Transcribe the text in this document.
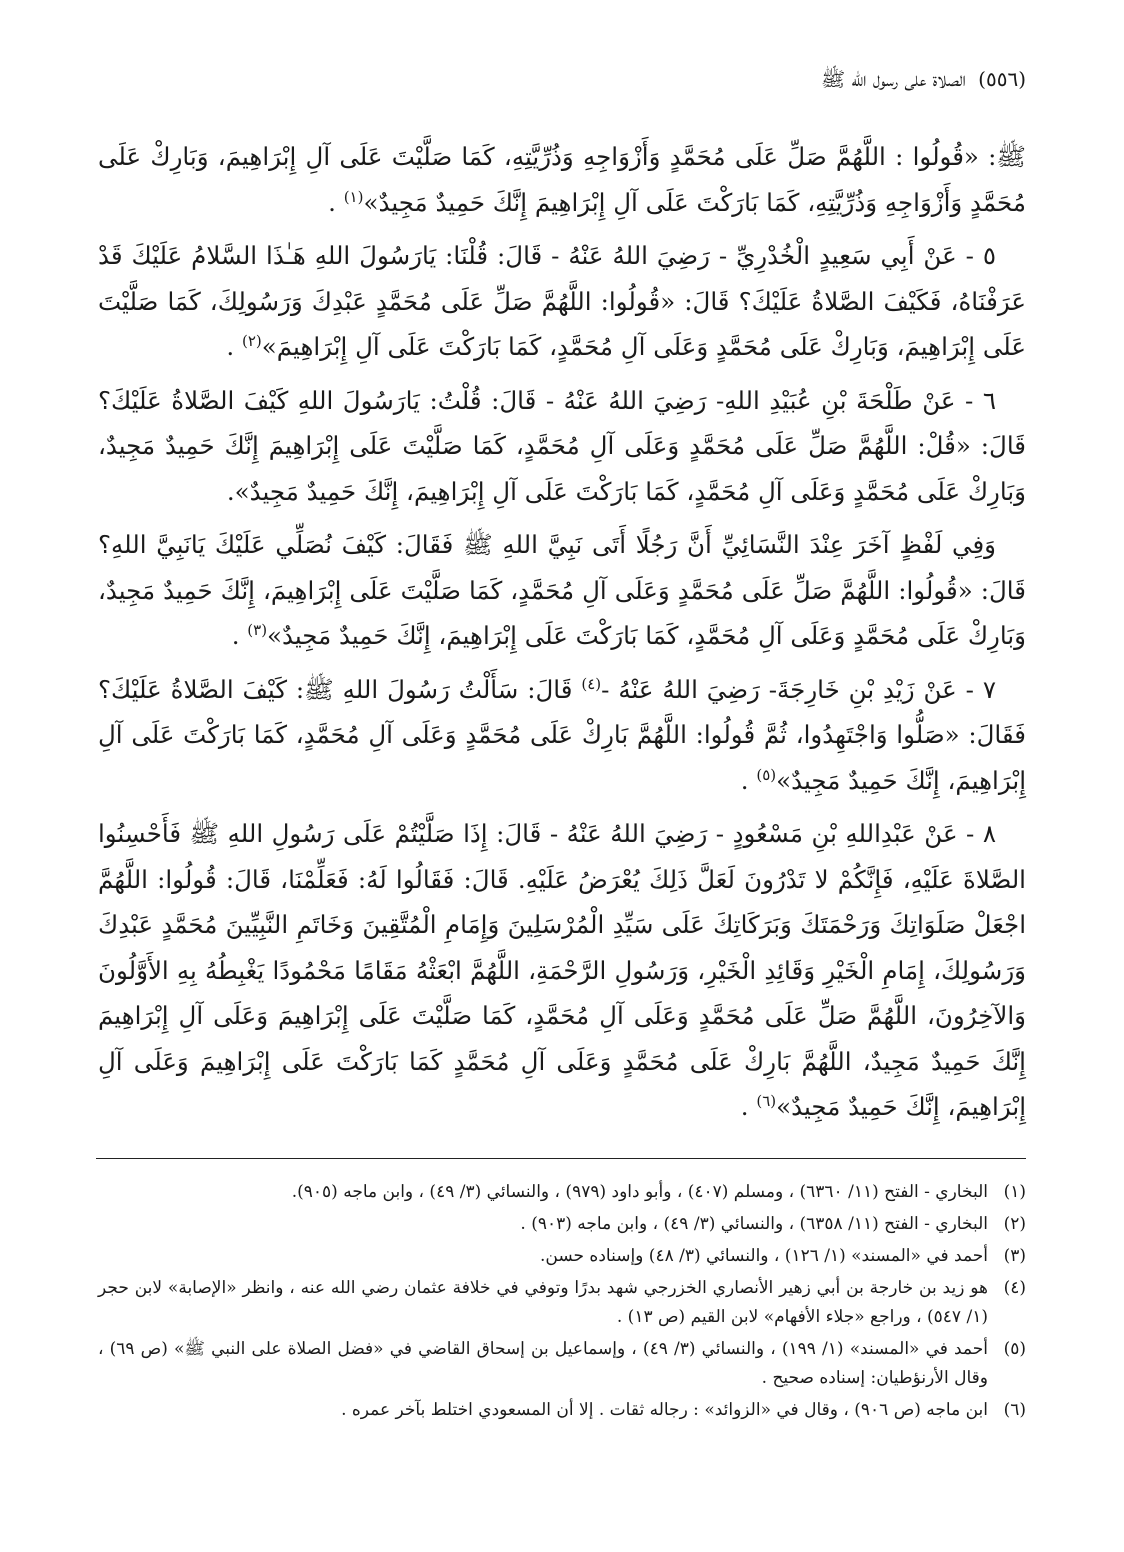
(٥٥٦) الصلاة على رسول الله ﷺ

ﷺ: «قُولُوا : اللَّهُمَّ صَلِّ عَلَى مُحَمَّدٍ وَأَزْوَاجِهِ وَذُرِّيَّتِهِ، كَمَا صَلَّيْتَ عَلَى آلِ إِبْرَاهِيمَ، وَبَارِكْ عَلَى مُحَمَّدٍ وَأَزْوَاجِهِ وَذُرِّيَّتِهِ، كَمَا بَارَكْتَ عَلَى آلِ إِبْرَاهِيمَ إِنَّكَ حَمِيدٌ مَجِيدٌ»$^{(١)}$ .

٥ - عَنْ أَبِي سَعِيدٍ الْخُدْرِيِّ - رَضِيَ اللهُ عَنْهُ - قَالَ: قُلْنَا: يَارَسُولَ اللهِ هَـٰذَا السَّلامُ عَلَيْكَ قَدْ عَرَفْنَاهُ، فَكَيْفَ الصَّلاةُ عَلَيْكَ؟ قَالَ: «قُولُوا: اللَّهُمَّ صَلِّ عَلَى مُحَمَّدٍ عَبْدِكَ وَرَسُولِكَ، كَمَا صَلَّيْتَ عَلَى إِبْرَاهِيمَ، وَبَارِكْ عَلَى مُحَمَّدٍ وَعَلَى آلِ مُحَمَّدٍ، كَمَا بَارَكْتَ عَلَى آلِ إِبْرَاهِيمَ»$^{(٢)}$ .

٦ - عَنْ طَلْحَةَ بْنِ عُبَيْدِ اللهِ- رَضِيَ اللهُ عَنْهُ - قَالَ: قُلْتُ: يَارَسُولَ اللهِ كَيْفَ الصَّلاةُ عَلَيْكَ؟ قَالَ: «قُلْ: اللَّهُمَّ صَلِّ عَلَى مُحَمَّدٍ وَعَلَى آلِ مُحَمَّدٍ، كَمَا صَلَّيْتَ عَلَى إِبْرَاهِيمَ إِنَّكَ حَمِيدٌ مَجِيدٌ، وَبَارِكْ عَلَى مُحَمَّدٍ وَعَلَى آلِ مُحَمَّدٍ، كَمَا بَارَكْتَ عَلَى آلِ إِبْرَاهِيمَ، إِنَّكَ حَمِيدٌ مَجِيدٌ».

وَفِي لَفْظٍ آخَرَ عِنْدَ النَّسَائِيِّ أَنَّ رَجُلًا أَتَى نَبِيَّ اللهِ ﷺ فَقَالَ: كَيْفَ نُصَلِّي عَلَيْكَ يَانَبِيَّ اللهِ؟ قَالَ: «قُولُوا: اللَّهُمَّ صَلِّ عَلَى مُحَمَّدٍ وَعَلَى آلِ مُحَمَّدٍ، كَمَا صَلَّيْتَ عَلَى إِبْرَاهِيمَ، إِنَّكَ حَمِيدٌ مَجِيدٌ، وَبَارِكْ عَلَى مُحَمَّدٍ وَعَلَى آلِ مُحَمَّدٍ، كَمَا بَارَكْتَ عَلَى إِبْرَاهِيمَ، إِنَّكَ حَمِيدٌ مَجِيدٌ»$^{(٣)}$ .

٧ - عَنْ زَيْدِ بْنِ خَارِجَةَ- رَضِيَ اللهُ عَنْهُ -$^{(٤)}$ قَالَ: سَأَلْتُ رَسُولَ اللهِ ﷺ: كَيْفَ الصَّلاةُ عَلَيْكَ؟ فَقَالَ: «صَلُّوا وَاجْتَهِدُوا، ثُمَّ قُولُوا: اللَّهُمَّ بَارِكْ عَلَى مُحَمَّدٍ وَعَلَى آلِ مُحَمَّدٍ، كَمَا بَارَكْتَ عَلَى آلِ إِبْرَاهِيمَ، إِنَّكَ حَمِيدٌ مَجِيدٌ»$^{(٥)}$ .

٨ - عَنْ عَبْدِاللهِ بْنِ مَسْعُودٍ - رَضِيَ اللهُ عَنْهُ - قَالَ: إِذَا صَلَّيْتُمْ عَلَى رَسُولِ اللهِ ﷺ فَأَحْسِنُوا الصَّلاةَ عَلَيْهِ، فَإِنَّكُمْ لا تَدْرُونَ لَعَلَّ ذَلِكَ يُعْرَضُ عَلَيْهِ. قَالَ: فَقَالُوا لَهُ: فَعَلِّمْنَا، قَالَ: قُولُوا: اللَّهُمَّ اجْعَلْ صَلَوَاتِكَ وَرَحْمَتَكَ وَبَرَكَاتِكَ عَلَى سَيِّدِ الْمُرْسَلِينَ وَإِمَامِ الْمُتَّقِينَ وَخَاتَمِ النَّبِيِّينَ مُحَمَّدٍ عَبْدِكَ وَرَسُولِكَ، إِمَامِ الْخَيْرِ وَقَائِدِ الْخَيْرِ، وَرَسُولِ الرَّحْمَةِ، اللَّهُمَّ ابْعَثْهُ مَقَامًا مَحْمُودًا يَغْبِطُهُ بِهِ الأَوَّلُونَ وَالآخِرُونَ، اللَّهُمَّ صَلِّ عَلَى مُحَمَّدٍ وَعَلَى آلِ مُحَمَّدٍ، كَمَا صَلَّيْتَ عَلَى إِبْرَاهِيمَ وَعَلَى آلِ إِبْرَاهِيمَ إِنَّكَ حَمِيدٌ مَجِيدٌ، اللَّهُمَّ بَارِكْ عَلَى مُحَمَّدٍ وَعَلَى آلِ مُحَمَّدٍ كَمَا بَارَكْتَ عَلَى إِبْرَاهِيمَ وَعَلَى آلِ إِبْرَاهِيمَ، إِنَّكَ حَمِيدٌ مَجِيدٌ»$^{(٦)}$ .

(١)
البخاري - الفتح (١١/ ٦٣٦٠) ، ومسلم (٤٠٧) ، وأبو داود (٩٧٩) ، والنسائي (٣/ ٤٩) ، وابن ماجه (٩٠٥).
(٢)
البخاري - الفتح (١١/ ٦٣٥٨) ، والنسائي (٣/ ٤٩) ، وابن ماجه (٩٠٣) .
(٣)
أحمد في «المسند» (١/ ١٢٦) ، والنسائي (٣/ ٤٨) وإسناده حسن.
(٤)
هو زيد بن خارجة بن أبي زهير الأنصاري الخزرجي شهد بدرًا وتوفي في خلافة عثمان رضي الله عنه ، وانظر «الإصابة» لابن حجر (١/ ٥٤٧) ، وراجع «جلاء الأفهام» لابن القيم (ص ١٣) .
(٥)
أحمد في «المسند» (١/ ١٩٩) ، والنسائي (٣/ ٤٩) ، وإسماعيل بن إسحاق القاضي في «فضل الصلاة على النبي ﷺ» (ص ٦٩) ، وقال الأرنؤطيان: إسناده صحيح .
(٦)
ابن ماجه (ص ٩٠٦) ، وقال في «الزوائد» : رجاله ثقات . إلا أن المسعودي اختلط بآخر عمره .
